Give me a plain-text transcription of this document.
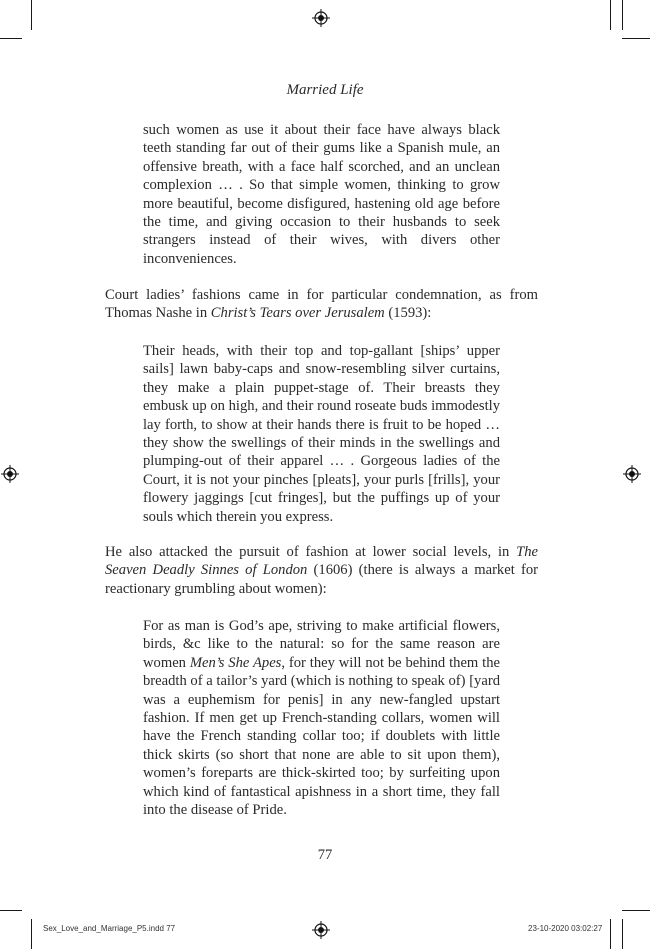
Married Life

such women as use it about their face have always black teeth standing far out of their gums like a Spanish mule, an offensive breath, with a face half scorched, and an unclean complexion … . So that simple women, thinking to grow more beautiful, become disfigured, hastening old age before the time, and giving occasion to their husbands to seek strangers instead of their wives, with divers other inconveniences.

Court ladies’ fashions came in for particular condemnation, as from Thomas Nashe in Christ’s Tears over Jerusalem (1593):

Their heads, with their top and top-gallant [ships’ upper sails] lawn baby-caps and snow-resembling silver curtains, they make a plain puppet-stage of. Their breasts they embusk up on high, and their round roseate buds immodestly lay forth, to show at their hands there is fruit to be hoped … they show the swellings of their minds in the swellings and plumping-out of their apparel … . Gorgeous ladies of the Court, it is not your pinches [pleats], your purls [frills], your flowery jaggings [cut fringes], but the puffings up of your souls which therein you express.

He also attacked the pursuit of fashion at lower social levels, in The Seaven Deadly Sinnes of London (1606) (there is always a market for reactionary grumbling about women):

For as man is God’s ape, striving to make artificial flowers, birds, &c like to the natural: so for the same reason are women Men’s She Apes, for they will not be behind them the breadth of a tailor’s yard (which is nothing to speak of) [yard was a euphemism for penis] in any new-fangled upstart fashion. If men get up French-standing collars, women will have the French standing collar too; if doublets with little thick skirts (so short that none are able to sit upon them), women’s foreparts are thick-skirted too; by surfeiting upon which kind of fantastical apishness in a short time, they fall into the disease of Pride.

77
Sex_Love_and_Marriage_P5.indd 77	23-10-2020 03:02:27
